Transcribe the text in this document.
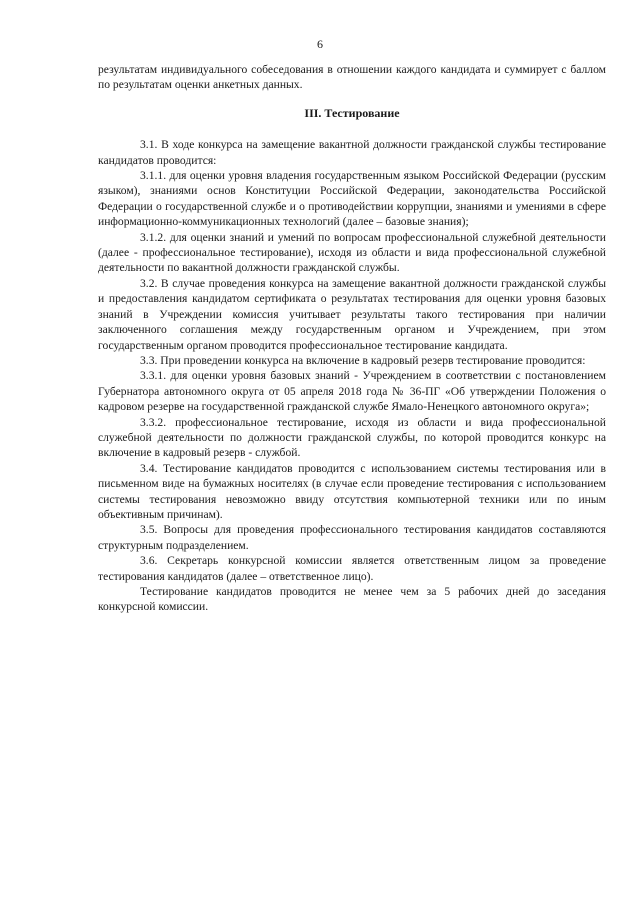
6

результатам индивидуального собеседования в отношении каждого кандидата и суммирует с баллом по результатам оценки анкетных данных.

III. Тестирование

3.1. В ходе конкурса на замещение вакантной должности гражданской службы тестирование кандидатов проводится:

3.1.1. для оценки уровня владения государственным языком Российской Федерации (русским языком), знаниями основ Конституции Российской Федерации, законодательства Российской Федерации о государственной службе и о противодействии коррупции, знаниями и умениями в сфере информационно-коммуникационных технологий (далее – базовые знания);

3.1.2. для оценки знаний и умений по вопросам профессиональной служебной деятельности (далее - профессиональное тестирование), исходя из области и вида профессиональной служебной деятельности по вакантной должности гражданской службы.

3.2. В случае проведения конкурса на замещение вакантной должности гражданской службы и предоставления кандидатом сертификата о результатах тестирования для оценки уровня базовых знаний в Учреждении комиссия учитывает результаты такого тестирования при наличии заключенного соглашения между государственным органом и Учреждением, при этом государственным органом проводится профессиональное тестирование кандидата.

3.3. При проведении конкурса на включение в кадровый резерв тестирование проводится:

3.3.1. для оценки уровня базовых знаний - Учреждением в соответствии с постановлением Губернатора автономного округа от 05 апреля 2018 года № 36-ПГ «Об утверждении Положения о кадровом резерве на государственной гражданской службе Ямало-Ненецкого автономного округа»;

3.3.2. профессиональное тестирование, исходя из области и вида профессиональной служебной деятельности по должности гражданской службы, по которой проводится конкурс на включение в кадровый резерв - службой.

3.4. Тестирование кандидатов проводится с использованием системы тестирования или в письменном виде на бумажных носителях (в случае если проведение тестирования с использованием системы тестирования невозможно ввиду отсутствия компьютерной техники или по иным объективным причинам).

3.5. Вопросы для проведения профессионального тестирования кандидатов составляются структурным подразделением.

3.6. Секретарь конкурсной комиссии является ответственным лицом за проведение тестирования кандидатов (далее – ответственное лицо).

Тестирование кандидатов проводится не менее чем за 5 рабочих дней до заседания конкурсной комиссии.
